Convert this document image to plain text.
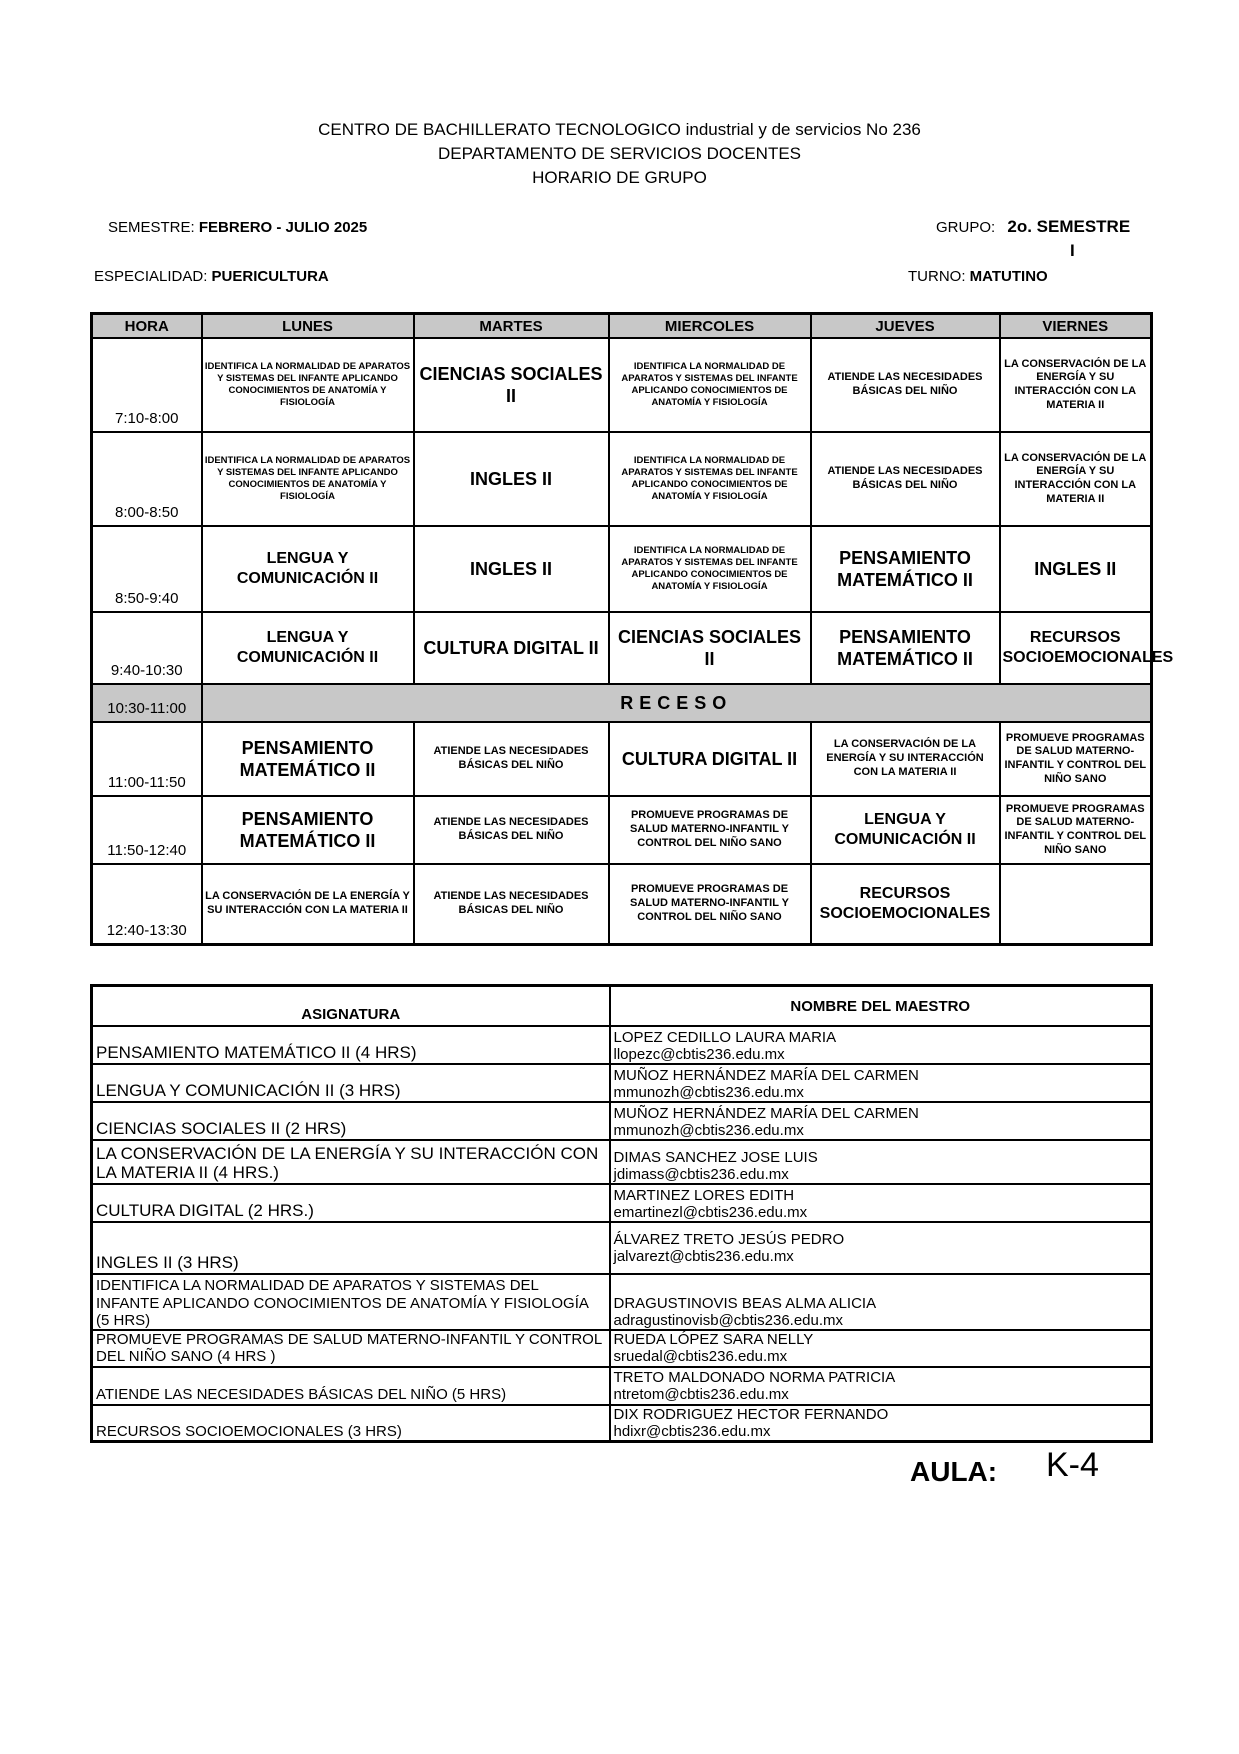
CENTRO DE BACHILLERATO TECNOLOGICO industrial y de servicios No 236
DEPARTAMENTO DE SERVICIOS DOCENTES
HORARIO DE GRUPO
SEMESTRE: FEBRERO - JULIO 2025	GRUPO: 2o. SEMESTRE
I
ESPECIALIDAD: PUERICULTURA	TURNO: MATUTINO
HORA	LUNES	MARTES	MIERCOLES	JUEVES	VIERNES
7:10-8:00	IDENTIFICA LA NORMALIDAD DE APARATOS Y SISTEMAS DEL INFANTE APLICANDO CONOCIMIENTOS DE ANATOMÍA Y FISIOLOGÍA	CIENCIAS SOCIALES II	IDENTIFICA LA NORMALIDAD DE APARATOS Y SISTEMAS DEL INFANTE APLICANDO CONOCIMIENTOS DE ANATOMÍA Y FISIOLOGÍA	ATIENDE LAS NECESIDADES BÁSICAS DEL NIÑO	LA CONSERVACIÓN DE LA ENERGÍA Y SU INTERACCIÓN CON LA MATERIA II
8:00-8:50	IDENTIFICA LA NORMALIDAD DE APARATOS Y SISTEMAS DEL INFANTE APLICANDO CONOCIMIENTOS DE ANATOMÍA Y FISIOLOGÍA	INGLES II	IDENTIFICA LA NORMALIDAD DE APARATOS Y SISTEMAS DEL INFANTE APLICANDO CONOCIMIENTOS DE ANATOMÍA Y FISIOLOGÍA	ATIENDE LAS NECESIDADES BÁSICAS DEL NIÑO	LA CONSERVACIÓN DE LA ENERGÍA Y SU INTERACCIÓN CON LA MATERIA II
8:50-9:40	LENGUA Y COMUNICACIÓN II	INGLES II	IDENTIFICA LA NORMALIDAD DE APARATOS Y SISTEMAS DEL INFANTE APLICANDO CONOCIMIENTOS DE ANATOMÍA Y FISIOLOGÍA	PENSAMIENTO MATEMÁTICO II	INGLES II
9:40-10:30	LENGUA Y COMUNICACIÓN II	CULTURA DIGITAL II	CIENCIAS SOCIALES II	PENSAMIENTO MATEMÁTICO II	RECURSOS SOCIOEMOCIONALES
10:30-11:00	RECESO				
11:00-11:50	PENSAMIENTO MATEMÁTICO II	ATIENDE LAS NECESIDADES BÁSICAS DEL NIÑO	CULTURA DIGITAL II	LA CONSERVACIÓN DE LA ENERGÍA Y SU INTERACCIÓN CON LA MATERIA II	PROMUEVE PROGRAMAS DE SALUD MATERNO-INFANTIL Y CONTROL DEL NIÑO SANO
11:50-12:40	PENSAMIENTO MATEMÁTICO II	ATIENDE LAS NECESIDADES BÁSICAS DEL NIÑO	PROMUEVE PROGRAMAS DE SALUD MATERNO-INFANTIL Y CONTROL DEL NIÑO SANO	LENGUA Y COMUNICACIÓN II	PROMUEVE PROGRAMAS DE SALUD MATERNO-INFANTIL Y CONTROL DEL NIÑO SANO
12:40-13:30	LA CONSERVACIÓN DE LA ENERGÍA Y SU INTERACCIÓN CON LA MATERIA II	ATIENDE LAS NECESIDADES BÁSICAS DEL NIÑO	PROMUEVE PROGRAMAS DE SALUD MATERNO-INFANTIL Y CONTROL DEL NIÑO SANO	RECURSOS SOCIOEMOCIONALES	
ASIGNATURA	NOMBRE DEL MAESTRO
PENSAMIENTO MATEMÁTICO II (4 HRS)	LOPEZ CEDILLO LAURA MARIA
llopezc@cbtis236.edu.mx

LENGUA Y COMUNICACIÓN II (3 HRS)	MUÑOZ HERNÁNDEZ MARÍA DEL CARMEN
mmunozh@cbtis236.edu.mx

CIENCIAS SOCIALES II (2 HRS)	MUÑOZ HERNÁNDEZ MARÍA DEL CARMEN
mmunozh@cbtis236.edu.mx

LA CONSERVACIÓN DE LA ENERGÍA Y SU INTERACCIÓN CON LA MATERIA II (4 HRS.)	DIMAS SANCHEZ JOSE LUIS
jdimass@cbtis236.edu.mx

CULTURA DIGITAL (2 HRS.)	MARTINEZ LORES EDITH
emartinezl@cbtis236.edu.mx

INGLES II (3 HRS)	ÁLVAREZ TRETO JESÚS PEDRO
jalvarezt@cbtis236.edu.mx

IDENTIFICA LA NORMALIDAD DE APARATOS Y SISTEMAS DEL INFANTE APLICANDO CONOCIMIENTOS DE ANATOMÍA Y FISIOLOGÍA (5 HRS)	DRAGUSTINOVIS BEAS ALMA ALICIA
adragustinovisb@cbtis236.edu.mx

PROMUEVE PROGRAMAS DE SALUD MATERNO-INFANTIL Y CONTROL DEL NIÑO SANO (4 HRS )	RUEDA LÓPEZ SARA NELLY
sruedal@cbtis236.edu.mx

ATIENDE LAS NECESIDADES BÁSICAS DEL NIÑO (5 HRS)	TRETO MALDONADO NORMA PATRICIA
ntretom@cbtis236.edu.mx

RECURSOS SOCIOEMOCIONALES (3 HRS)	DIX RODRIGUEZ HECTOR FERNANDO
hdixr@cbtis236.edu.mx
AULA: K-4
